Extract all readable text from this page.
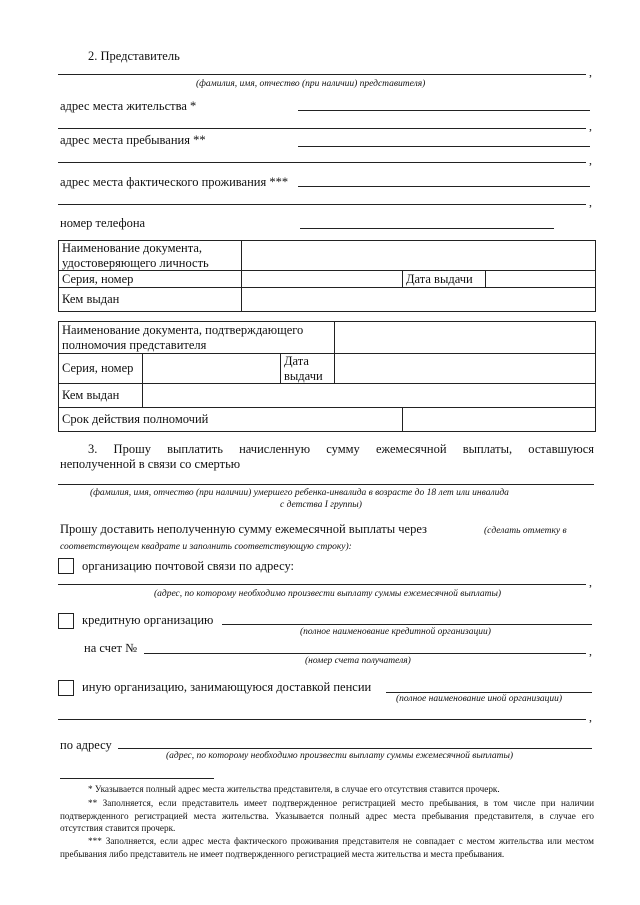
2. Представитель
,
(фамилия, имя, отчество (при наличии) представителя)
адрес места жительства *
,
адрес места пребывания **
,
адрес места фактического проживания ***
,
номер телефона
Наименование документа, удостоверяющего личность			
Серия, номер		Дата выдачи	
Кем выдан			
Наименование документа, подтверждающего полномочия представителя				
Серия, номер		Дата выдачи		
Кем выдан				
Срок действия полномочий				
3. Прошу выплатить начисленную сумму ежемесячной выплаты, оставшуюся
неполученной в связи со смертью
(фамилия, имя, отчество (при наличии) умершего ребенка-инвалида в возрасте до 18 лет или инвалида
с детства I группы)
Прошу доставить неполученную сумму ежемесячной выплаты через	(сделать отметку в соответствующем квадрате и заполнить соответствующую строку):
организацию почтовой связи по адресу:
,
(адрес, по которому необходимо произвести выплату суммы ежемесячной выплаты)
кредитную организацию
(полное наименование кредитной организации)
на счет №	,
(номер счета получателя)
иную организацию, занимающуюся доставкой пенсии
(полное наименование иной организации)
,
по адресу
(адрес, по которому необходимо произвести выплату суммы ежемесячной выплаты)
* Указывается полный адрес места жительства представителя, в случае его отсутствия ставится прочерк.
** Заполняется, если представитель имеет подтвержденное регистрацией место пребывания, в том числе при наличии подтвержденного регистрацией места жительства. Указывается полный адрес места пребывания представителя, в случае его отсутствия ставится прочерк.
*** Заполняется, если адрес места фактического проживания представителя не совпадает с местом жительства или местом пребывания либо представитель не имеет подтвержденного регистрацией места жительства и места пребывания.
